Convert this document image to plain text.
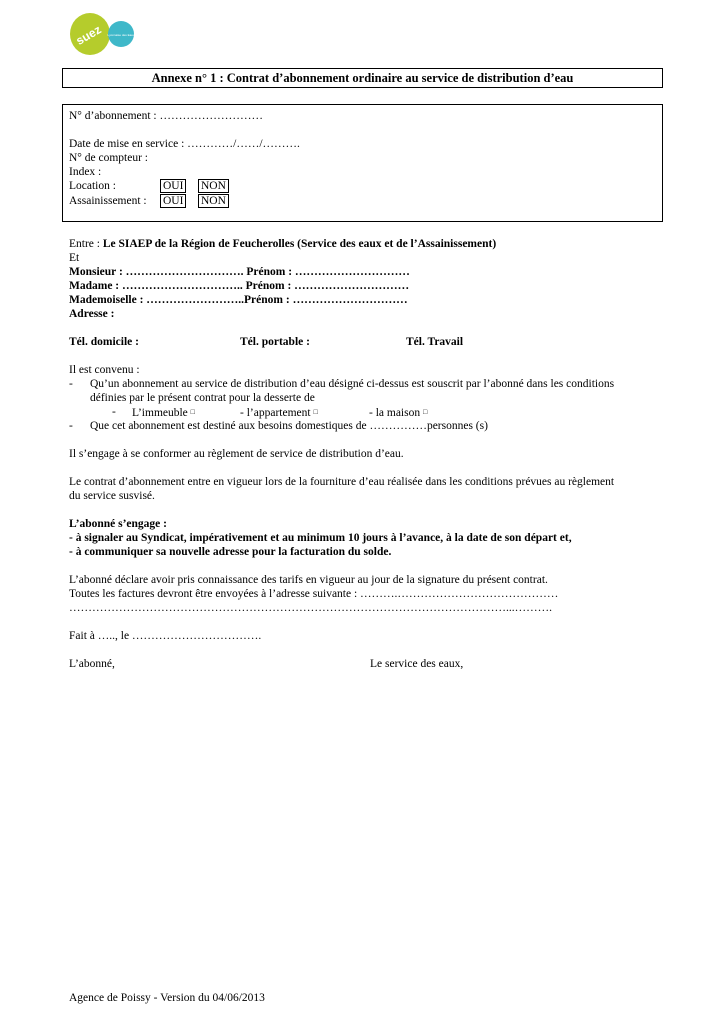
suez Lyonnaise des Eaux
Annexe n° 1 : Contrat d’abonnement ordinaire au service de distribution d’eau
N° d’abonnement : ………………………
Date de mise en service : …………/……/……….
N° de compteur :
Index :
Location :	OUI NON
Assainissement : OUI NON
Entre : Le SIAEP de la Région de Feucherolles (Service des eaux et de l’Assainissement)
Et
Monsieur : …………………………. Prénom : …………………………
Madame : ………………………….. Prénom : …………………………
Mademoiselle : ……………………..Prénom : …………………………
Adresse :
Tél. domicile :	Tél. portable :	Tél. Travail
Il est convenu :
- Qu’un abonnement au service de distribution d’eau désigné ci-dessus est souscrit par l’abonné dans les conditions
définies par le présent contrat pour la desserte de
- L’immeuble □	- l’appartement □	- la maison □
- Que cet abonnement est destiné aux besoins domestiques de ……………personnes (s)
Il s’engage à se conformer au règlement de service de distribution d’eau.
Le contrat d’abonnement entre en vigueur lors de la fourniture d’eau réalisée dans les conditions prévues au règlement
du service susvisé.
L’abonné s’engage :
- à signaler au Syndicat, impérativement et au minimum 10 jours à l’avance, à la date de son départ et,
- à communiquer sa nouvelle adresse pour la facturation du solde.
L’abonné déclare avoir pris connaissance des tarifs en vigueur au jour de la signature du présent contrat.
Toutes les factures devront être envoyées à l’adresse suivante : ……….……………………………………
……………………………………………………………………………………………………...……….
Fait à ….., le …………………………….
L’abonné,	Le service des eaux,
Agence de Poissy - Version du 04/06/2013
